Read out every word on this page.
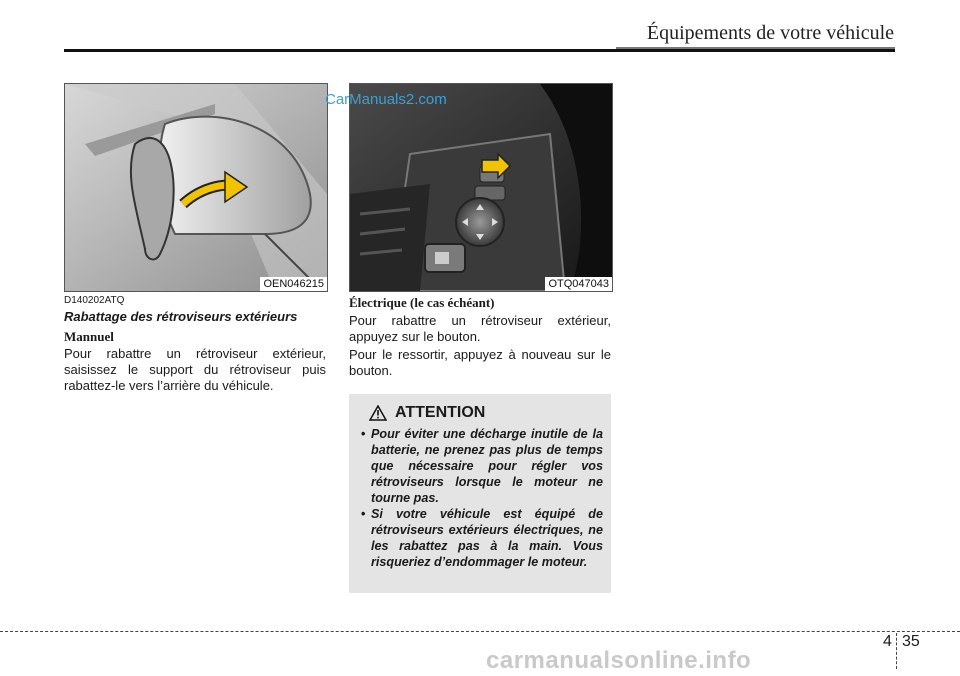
Équipements de votre véhicule
OEN046215	OTQ047043
CarManuals2.com
D140202ATQ
Rabattage des rétroviseurs extérieurs
Mannuel
Pour rabattre un rétroviseur extérieur, saisissez le support du rétroviseur puis rabattez-le vers l’arrière du véhicule.
Électrique (le cas échéant)
Pour rabattre un rétroviseur extérieur, appuyez sur le bouton.
Pour le ressortir, appuyez à nouveau sur le bouton.
ATTENTION
• Pour éviter une décharge inutile de la batterie, ne prenez pas plus de temps que nécessaire pour régler vos rétroviseurs lorsque le moteur ne tourne pas.
• Si votre véhicule est équipé de rétroviseurs extérieurs électriques, ne les rabattez pas à la main. Vous risqueriez d’endommager le moteur.
4 35
carmanualsonline.info
